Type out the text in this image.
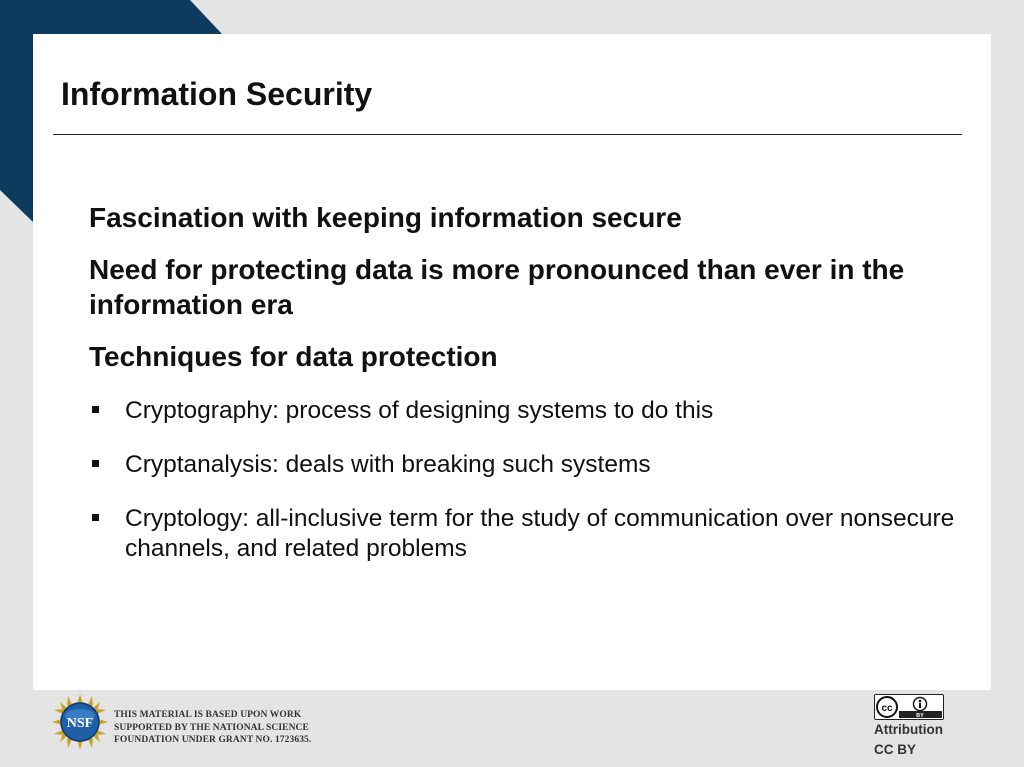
Information Security

Fascination with keeping information secure

Need for protecting data is more pronounced than ever in the information era

Techniques for data protection

Cryptography: process of designing systems to do this
Cryptanalysis: deals with breaking such systems
Cryptology: all-inclusive term for the study of communication over nonsecure channels, and related problems
NSF
THIS MATERIAL IS BASED UPON WORK
SUPPORTED BY THE NATIONAL SCIENCE
FOUNDATION UNDER GRANT NO. 1723635.
cc
BY
Attribution
CC BY
